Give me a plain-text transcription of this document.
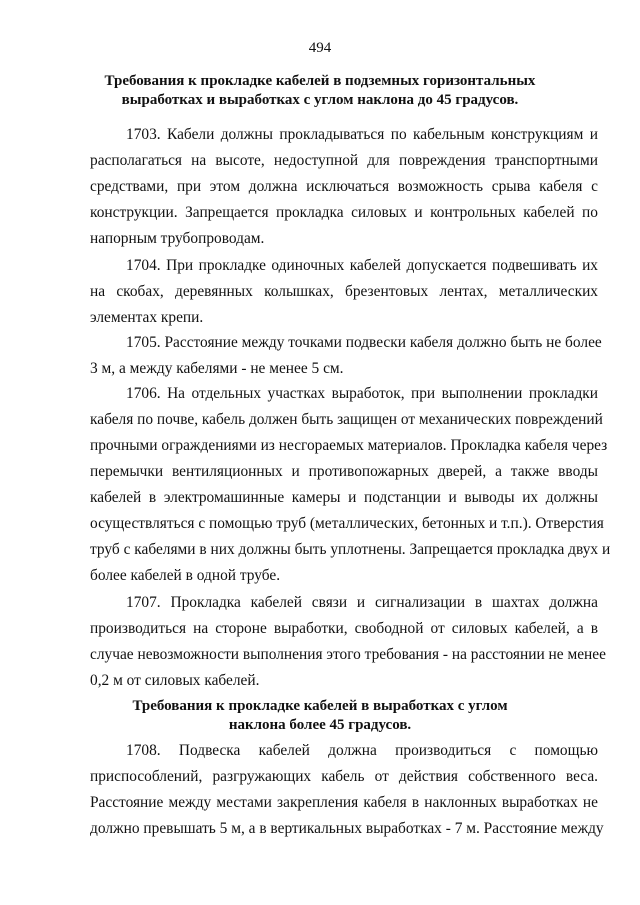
494
Требования к прокладке кабелей в подземных горизонтальных
выработках и выработках с углом наклона до 45 градусов.
1703. Кабели должны прокладываться по кабельным конструкциям и
располагаться на высоте, недоступной для повреждения транспортными
средствами, при этом должна исключаться возможность срыва кабеля с
конструкции. Запрещается прокладка силовых и контрольных кабелей по
напорным трубопроводам.
1704. При прокладке одиночных кабелей допускается подвешивать их
на скобах, деревянных колышках, брезентовых лентах, металлических
элементах крепи.
1705. Расстояние между точками подвески кабеля должно быть не более
3 м, а между кабелями - не менее 5 см.
1706. На отдельных участках выработок, при выполнении прокладки
кабеля по почве, кабель должен быть защищен от механических повреждений
прочными ограждениями из несгораемых материалов. Прокладка кабеля через
перемычки вентиляционных и противопожарных дверей, а также вводы
кабелей в электромашинные камеры и подстанции и выводы их должны
осуществляться с помощью труб (металлических, бетонных и т.п.). Отверстия
труб с кабелями в них должны быть уплотнены. Запрещается прокладка двух и
более кабелей в одной трубе.
1707. Прокладка кабелей связи и сигнализации в шахтах должна
производиться на стороне выработки, свободной от силовых кабелей, а в
случае невозможности выполнения этого требования - на расстоянии не менее
0,2 м от силовых кабелей.
Требования к прокладке кабелей в выработках с углом
наклона более 45 градусов.
1708. Подвеска кабелей должна производиться с помощью
приспособлений, разгружающих кабель от действия собственного веса.
Расстояние между местами закрепления кабеля в наклонных выработках не
должно превышать 5 м, а в вертикальных выработках - 7 м. Расстояние между
